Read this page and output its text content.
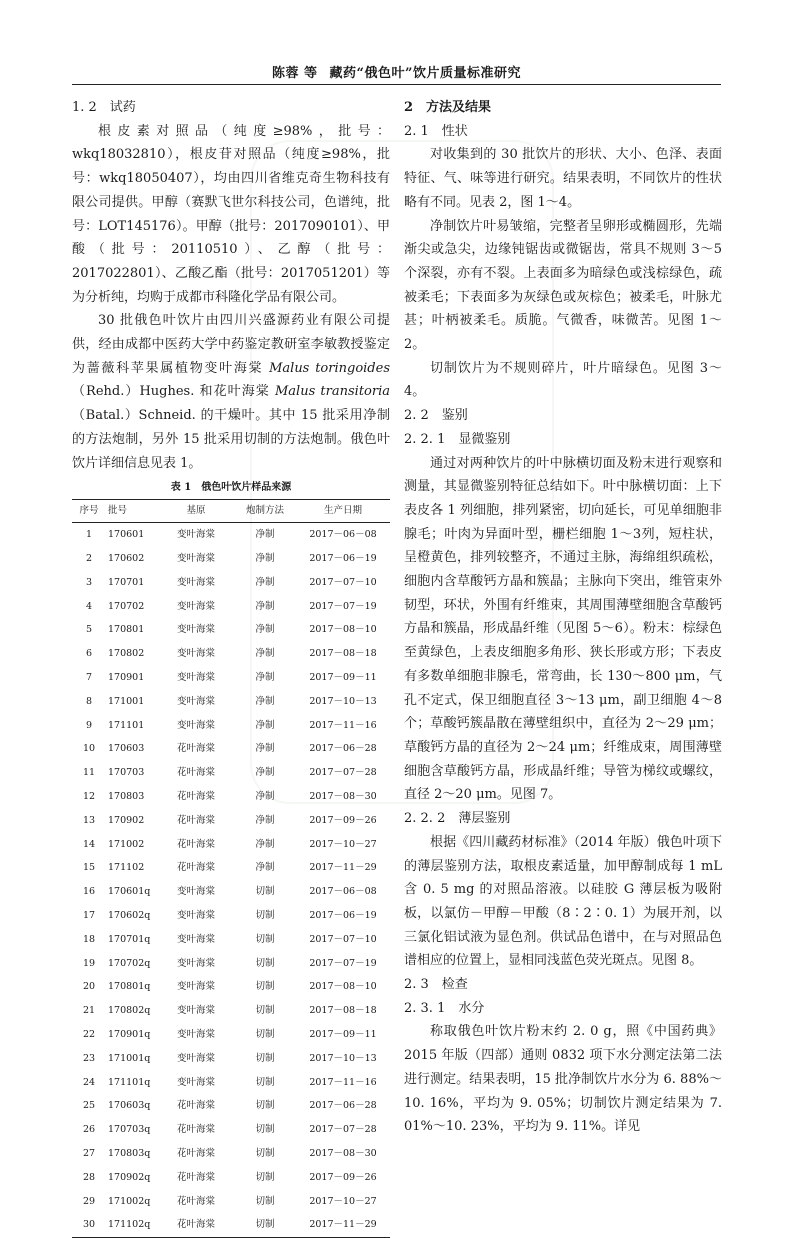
陈蓉 等 藏药“俄色叶”饮片质量标准研究
1. 2　试药

根皮素对照品（纯度≥98%，批号：wkq18032810），根皮苷对照品（纯度≥98%，批号：wkq18050407），均由四川省维克奇生物科技有限公司提供。甲醇（赛默飞世尔科技公司，色谱纯，批号：LOT145176）。甲醇（批号：2017090101）、甲酸（批号：20110510）、乙醇（批号：2017022801）、乙酸乙酯（批号：2017051201）等为分析纯，均购于成都市科隆化学品有限公司。

30 批俄色叶饮片由四川兴盛源药业有限公司提供，经由成都中医药大学中药鉴定教研室李敏教授鉴定为蔷薇科苹果属植物变叶海棠 Malus toringoides（Rehd.）Hughes. 和花叶海棠 Malus transitoria（Batal.）Schneid. 的干燥叶。其中 15 批采用净制的方法炮制，另外 15 批采用切制的方法炮制。俄色叶饮片详细信息见表 1。

表 1　俄色叶饮片样品来源
序号	批号	基原	炮制方法	生产日期
1	170601	变叶海棠	净制	2017－06－08
2	170602	变叶海棠	净制	2017－06－19
3	170701	变叶海棠	净制	2017－07－10
4	170702	变叶海棠	净制	2017－07－19
5	170801	变叶海棠	净制	2017－08－10
6	170802	变叶海棠	净制	2017－08－18
7	170901	变叶海棠	净制	2017－09－11
8	171001	变叶海棠	净制	2017－10－13
9	171101	变叶海棠	净制	2017－11－16
10	170603	花叶海棠	净制	2017－06－28
11	170703	花叶海棠	净制	2017－07－28
12	170803	花叶海棠	净制	2017－08－30
13	170902	花叶海棠	净制	2017－09－26
14	171002	花叶海棠	净制	2017－10－27
15	171102	花叶海棠	净制	2017－11－29
16	170601q	变叶海棠	切制	2017－06－08
17	170602q	变叶海棠	切制	2017－06－19
18	170701q	变叶海棠	切制	2017－07－10
19	170702q	变叶海棠	切制	2017－07－19
20	170801q	变叶海棠	切制	2017－08－10
21	170802q	变叶海棠	切制	2017－08－18
22	170901q	变叶海棠	切制	2017－09－11
23	171001q	变叶海棠	切制	2017－10－13
24	171101q	变叶海棠	切制	2017－11－16
25	170603q	花叶海棠	切制	2017－06－28
26	170703q	花叶海棠	切制	2017－07－28
27	170803q	花叶海棠	切制	2017－08－30
28	170902q	花叶海棠	切制	2017－09－26
29	171002q	花叶海棠	切制	2017－10－27
30	171102q	花叶海棠	切制	2017－11－29
2　方法及结果
2. 1　性状

对收集到的 30 批饮片的形状、大小、色泽、表面特征、气、味等进行研究。结果表明，不同饮片的性状略有不同。见表 2，图 1～4。

净制饮片叶易皱缩，完整者呈卵形或椭圆形，先端渐尖或急尖，边缘钝锯齿或微锯齿，常具不规则 3～5 个深裂，亦有不裂。上表面多为暗绿色或浅棕绿色，疏被柔毛；下表面多为灰绿色或灰棕色；被柔毛，叶脉尤甚；叶柄被柔毛。质脆。气微香，味微苦。见图 1～2。

切制饮片为不规则碎片，叶片暗绿色。见图 3～4。

2. 2　鉴别
2. 2. 1　显微鉴别

通过对两种饮片的叶中脉横切面及粉末进行观察和测量，其显微鉴别特征总结如下。叶中脉横切面：上下表皮各 1 列细胞，排列紧密，切向延长，可见单细胞非腺毛；叶肉为异面叶型，栅栏细胞 1～3列，短柱状，呈橙黄色，排列较整齐，不通过主脉，海绵组织疏松，细胞内含草酸钙方晶和簇晶；主脉向下突出，维管束外韧型，环状，外围有纤维束，其周围薄壁细胞含草酸钙方晶和簇晶，形成晶纤维（见图 5～6）。粉末：棕绿色至黄绿色，上表皮细胞多角形、狭长形或方形；下表皮有多数单细胞非腺毛，常弯曲，长 130～800 μm，气孔不定式，保卫细胞直径 3～13 μm，副卫细胞 4～8 个；草酸钙簇晶散在薄壁组织中，直径为 2～29 μm；草酸钙方晶的直径为 2～24 μm；纤维成束，周围薄壁细胞含草酸钙方晶，形成晶纤维；导管为梯纹或螺纹，直径 2～20 μm。见图 7。

2. 2. 2　薄层鉴别

根据《四川藏药材标准》（2014 年版）俄色叶项下的薄层鉴别方法，取根皮素适量，加甲醇制成每 1 mL 含 0. 5 mg 的对照品溶液。以硅胶 G 薄层板为吸附板，以氯仿－甲醇－甲酸（8∶2∶0. 1）为展开剂，以三氯化铝试液为显色剂。供试品色谱中，在与对照品色谱相应的位置上，显相同浅蓝色荧光斑点。见图 8。

2. 3　检查
2. 3. 1　水分

称取俄色叶饮片粉末约 2. 0 g，照《中国药典》2015 年版（四部）通则 0832 项下水分测定法第二法进行测定。结果表明，15 批净制饮片水分为 6. 88%～10. 16%，平均为 9. 05%；切制饮片测定结果为 7. 01%～10. 23%，平均为 9. 11%。详见
